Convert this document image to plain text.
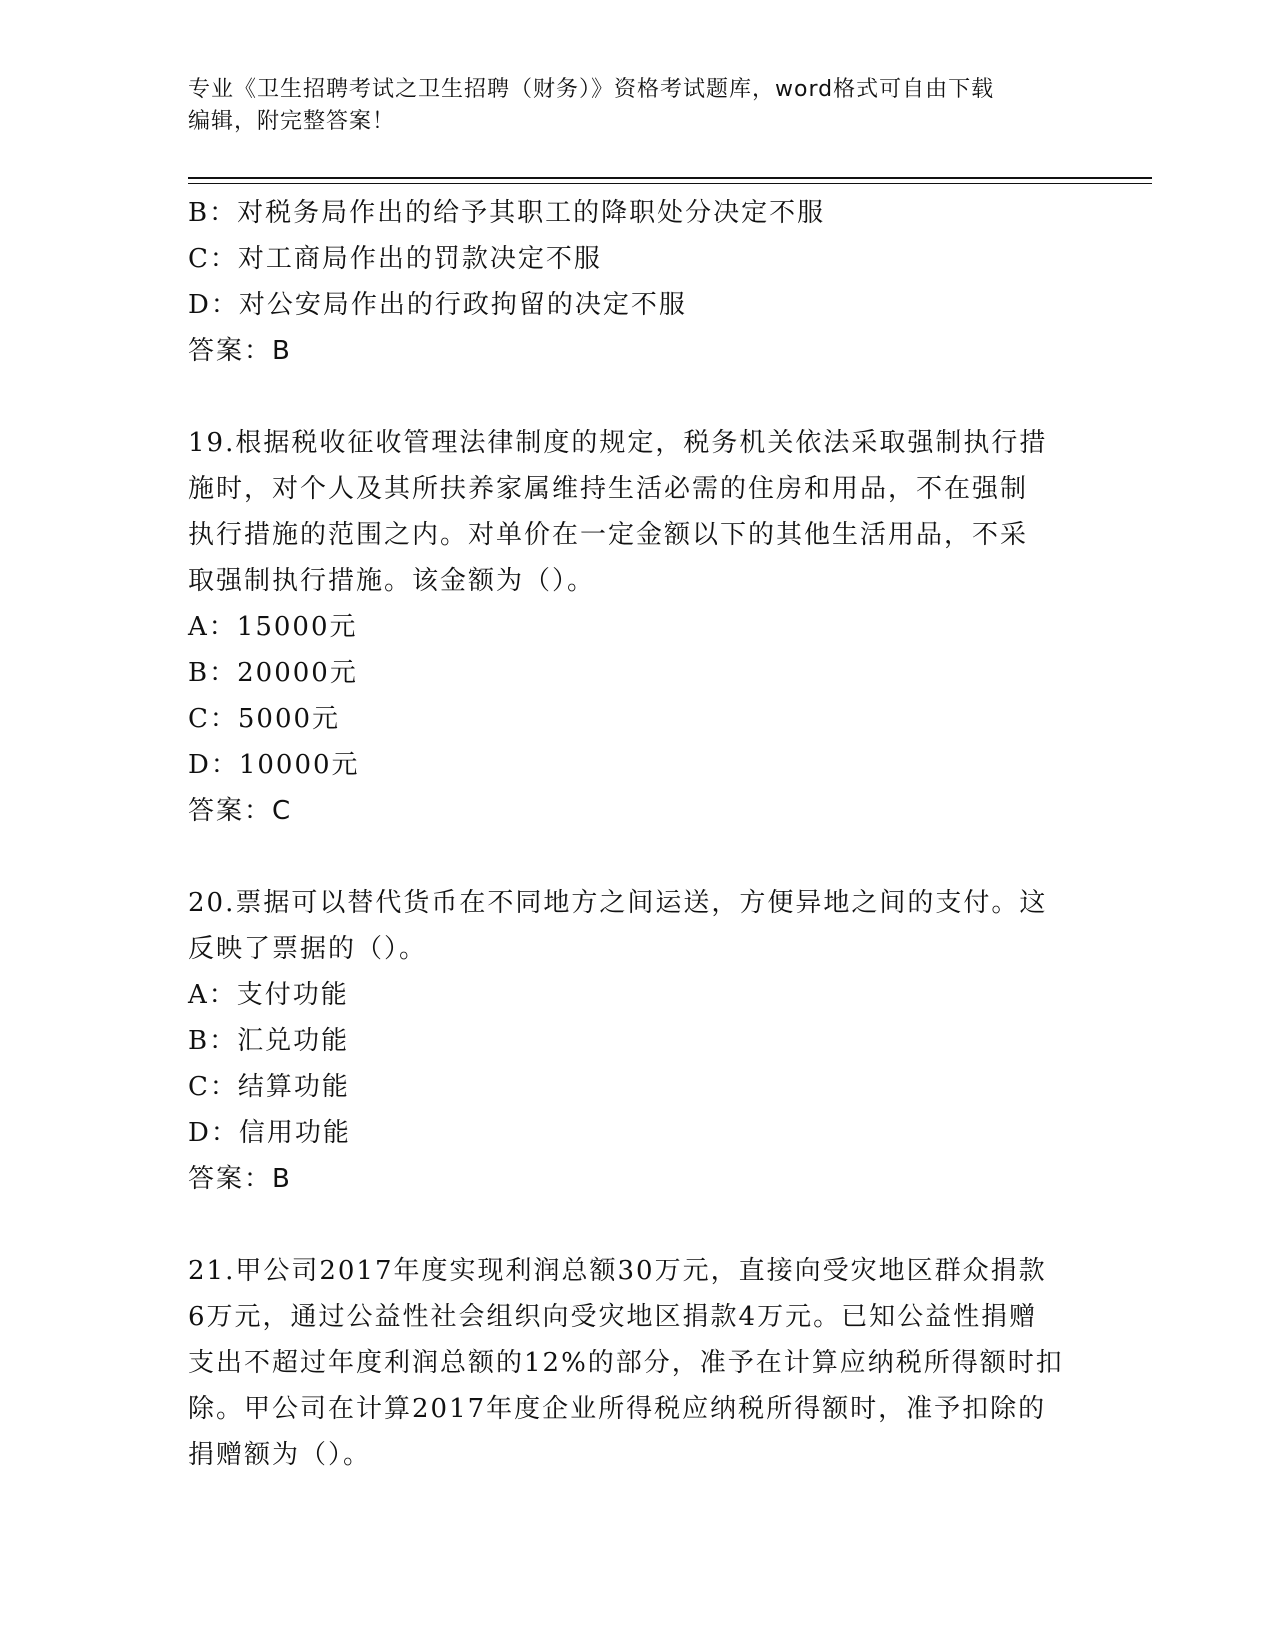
专业《卫生招聘考试之卫生招聘（财务）》资格考试题库，word格式可自由下载
编辑，附完整答案！
B：对税务局作出的给予其职工的降职处分决定不服
C：对工商局作出的罚款决定不服
D：对公安局作出的行政拘留的决定不服
答案：B
19.根据税收征收管理法律制度的规定，税务机关依法采取强制执行措
施时，对个人及其所扶养家属维持生活必需的住房和用品，不在强制
执行措施的范围之内。对单价在一定金额以下的其他生活用品，不采
取强制执行措施。该金额为（）。
A：15000元
B：20000元
C：5000元
D：10000元
答案：C
20.票据可以替代货币在不同地方之间运送，方便异地之间的支付。这
反映了票据的（）。
A：支付功能
B：汇兑功能
C：结算功能
D：信用功能
答案：B
21.甲公司2017年度实现利润总额30万元，直接向受灾地区群众捐款
6万元，通过公益性社会组织向受灾地区捐款4万元。已知公益性捐赠
支出不超过年度利润总额的12%的部分，准予在计算应纳税所得额时扣
除。甲公司在计算2017年度企业所得税应纳税所得额时，准予扣除的
捐赠额为（）。
